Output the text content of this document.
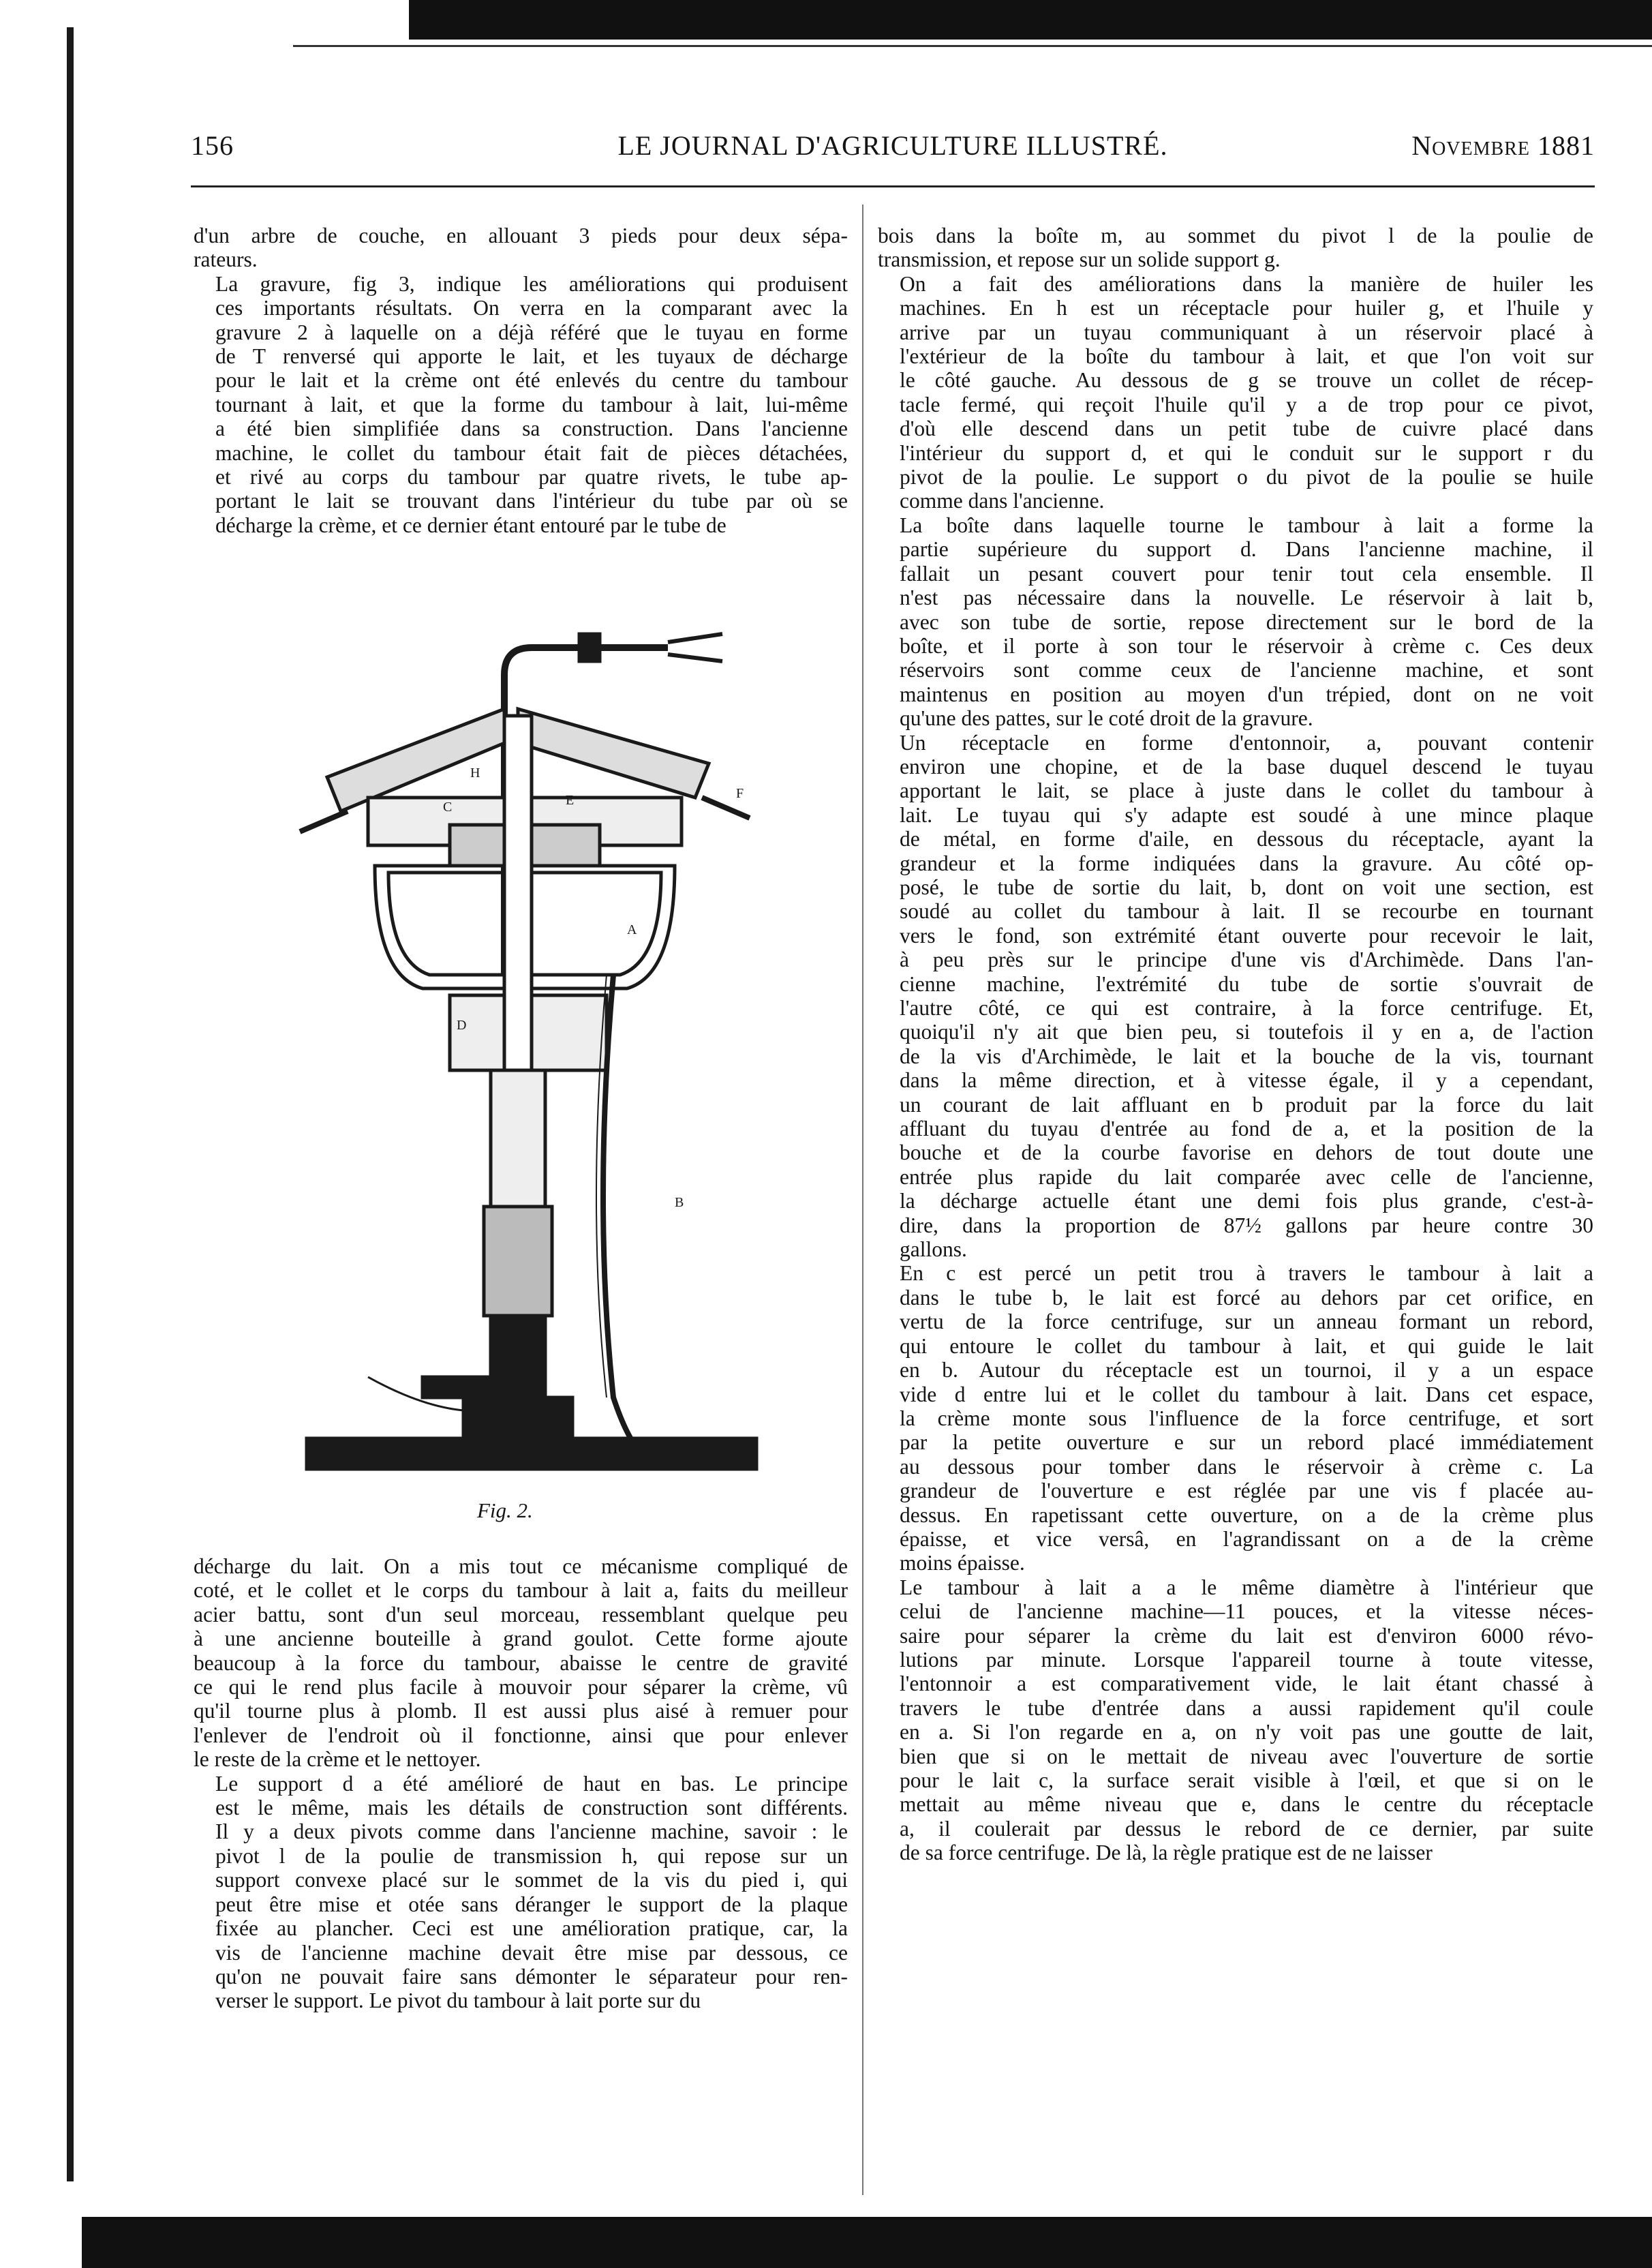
156	LE JOURNAL D'AGRICULTURE ILLUSTRÉ.	Novembre 1881

d'un arbre de couche, en allouant 3 pieds pour deux sépa-
rateurs.

La gravure, fig 3, indique les améliorations qui produisent
ces importants résultats. On verra en la comparant avec la
gravure 2 à laquelle on a déjà référé que le tuyau en forme
de T renversé qui apporte le lait, et les tuyaux de décharge
pour le lait et la crème ont été enlevés du centre du tambour
tournant à lait, et que la forme du tambour à lait, lui-même
a été bien simplifiée dans sa construction. Dans l'ancienne
machine, le collet du tambour était fait de pièces détachées,
et rivé au corps du tambour par quatre rivets, le tube ap-
portant le lait se trouvant dans l'intérieur du tube par où se
décharge la crème, et ce dernier étant entouré par le tube de

H
C
A
F
E
D
B
Fig. 2.

décharge du lait. On a mis tout ce mécanisme compliqué de
coté, et le collet et le corps du tambour à lait a, faits du meilleur
acier battu, sont d'un seul morceau, ressemblant quelque peu
à une ancienne bouteille à grand goulot. Cette forme ajoute
beaucoup à la force du tambour, abaisse le centre de gravité
ce qui le rend plus facile à mouvoir pour séparer la crème, vû
qu'il tourne plus à plomb. Il est aussi plus aisé à remuer pour
l'enlever de l'endroit où il fonctionne, ainsi que pour enlever
le reste de la crème et le nettoyer.

Le support d a été amélioré de haut en bas. Le principe
est le même, mais les détails de construction sont différents.
Il y a deux pivots comme dans l'ancienne machine, savoir : le
pivot l de la poulie de transmission h, qui repose sur un
support convexe placé sur le sommet de la vis du pied i, qui
peut être mise et otée sans déranger le support de la plaque
fixée au plancher. Ceci est une amélioration pratique, car, la
vis de l'ancienne machine devait être mise par dessous, ce
qu'on ne pouvait faire sans démonter le séparateur pour ren-
verser le support. Le pivot du tambour à lait porte sur du

bois dans la boîte m, au sommet du pivot l de la poulie de
transmission, et repose sur un solide support g.

On a fait des améliorations dans la manière de huiler les
machines. En h est un réceptacle pour huiler g, et l'huile y
arrive par un tuyau communiquant à un réservoir placé à
l'extérieur de la boîte du tambour à lait, et que l'on voit sur
le côté gauche. Au dessous de g se trouve un collet de récep-
tacle fermé, qui reçoit l'huile qu'il y a de trop pour ce pivot,
d'où elle descend dans un petit tube de cuivre placé dans
l'intérieur du support d, et qui le conduit sur le support r du
pivot de la poulie. Le support o du pivot de la poulie se huile
comme dans l'ancienne.

La boîte dans laquelle tourne le tambour à lait a forme la
partie supérieure du support d. Dans l'ancienne machine, il
fallait un pesant couvert pour tenir tout cela ensemble. Il
n'est pas nécessaire dans la nouvelle. Le réservoir à lait b,
avec son tube de sortie, repose directement sur le bord de la
boîte, et il porte à son tour le réservoir à crème c. Ces deux
réservoirs sont comme ceux de l'ancienne machine, et sont
maintenus en position au moyen d'un trépied, dont on ne voit
qu'une des pattes, sur le coté droit de la gravure.

Un réceptacle en forme d'entonnoir, a, pouvant contenir
environ une chopine, et de la base duquel descend le tuyau
apportant le lait, se place à juste dans le collet du tambour à
lait. Le tuyau qui s'y adapte est soudé à une mince plaque
de métal, en forme d'aile, en dessous du réceptacle, ayant la
grandeur et la forme indiquées dans la gravure. Au côté op-
posé, le tube de sortie du lait, b, dont on voit une section, est
soudé au collet du tambour à lait. Il se recourbe en tournant
vers le fond, son extrémité étant ouverte pour recevoir le lait,
à peu près sur le principe d'une vis d'Archimède. Dans l'an-
cienne machine, l'extrémité du tube de sortie s'ouvrait de
l'autre côté, ce qui est contraire, à la force centrifuge. Et,
quoiqu'il n'y ait que bien peu, si toutefois il y en a, de l'action
de la vis d'Archimède, le lait et la bouche de la vis, tournant
dans la même direction, et à vitesse égale, il y a cependant,
un courant de lait affluant en b produit par la force du lait
affluant du tuyau d'entrée au fond de a, et la position de la
bouche et de la courbe favorise en dehors de tout doute une
entrée plus rapide du lait comparée avec celle de l'ancienne,
la décharge actuelle étant une demi fois plus grande, c'est-à-
dire, dans la proportion de 87½ gallons par heure contre 30
gallons.

En c est percé un petit trou à travers le tambour à lait a
dans le tube b, le lait est forcé au dehors par cet orifice, en
vertu de la force centrifuge, sur un anneau formant un rebord,
qui entoure le collet du tambour à lait, et qui guide le lait
en b. Autour du réceptacle est un tournoi, il y a un espace
vide d entre lui et le collet du tambour à lait. Dans cet espace,
la crème monte sous l'influence de la force centrifuge, et sort
par la petite ouverture e sur un rebord placé immédiatement
au dessous pour tomber dans le réservoir à crème c. La
grandeur de l'ouverture e est réglée par une vis f placée au-
dessus. En rapetissant cette ouverture, on a de la crème plus
épaisse, et vice versâ, en l'agrandissant on a de la crème
moins épaisse.

Le tambour à lait a a le même diamètre à l'intérieur que
celui de l'ancienne machine—11 pouces, et la vitesse néces-
saire pour séparer la crème du lait est d'environ 6000 révo-
lutions par minute. Lorsque l'appareil tourne à toute vitesse,
l'entonnoir a est comparativement vide, le lait étant chassé à
travers le tube d'entrée dans a aussi rapidement qu'il coule
en a. Si l'on regarde en a, on n'y voit pas une goutte de lait,
bien que si on le mettait de niveau avec l'ouverture de sortie
pour le lait c, la surface serait visible à l'œil, et que si on le
mettait au même niveau que e, dans le centre du réceptacle
a, il coulerait par dessus le rebord de ce dernier, par suite
de sa force centrifuge. De là, la règle pratique est de ne laisser
